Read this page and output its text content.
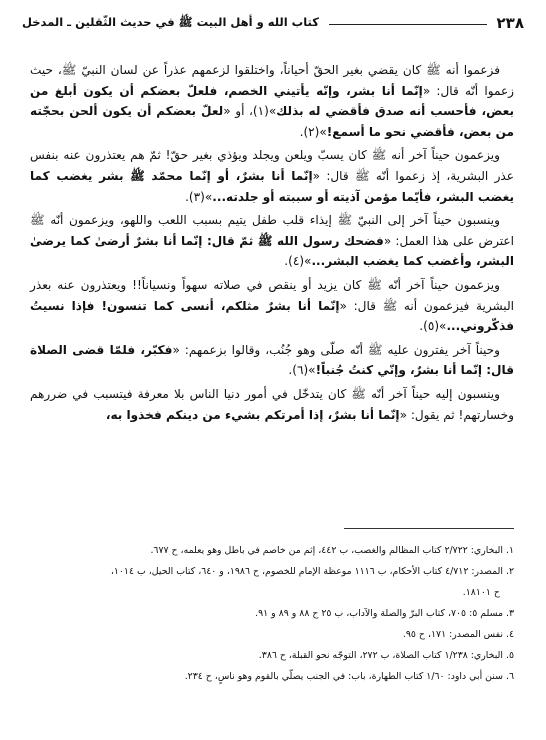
٢٣٨
كتاب الله و أهل البيت ﷺ في حديث الثّقلين ـ المدخل

فزعموا أنه ﷺ كان يقضي بغير الحقّ أحياناً، واختلقوا لزعمهم عذراً عن لسان النبيّ ﷺ، حيث زعموا أنّه قال: «إنّما أنا بشر، وإنّه يأتيني الخصم، فلعلّ بعضكم أن يكون أبلغ من بعض، فأحسب أنه صدق فأقضي له بذلك»(١)، أو «لعلّ بعضكم أن يكون ألحن بحجّته من بعض، فأقضي نحو ما أسمع!»(٢).

ويزعمون حيناً آخر أنه ﷺ كان يسبّ ويلعن ويجلد ويؤذي بغير حقّ! ثمّ هم يعتذرون عنه بنفس عذر البشرية، إذ زعموا أنّه ﷺ قال: «إنّما أنا بشرٌ، أو إنّما محمّد ﷺ بشر يغضب كما يغضب البشر، فأيّما مؤمن آذيته أو سببته أو جلدته...»(٣).

وينسبون حيناً آخر إلى النبيّ ﷺ إيذاء قلب طفل يتيم بسبب اللعب واللهو، ويزعمون أنّه ﷺ اعترض على هذا العمل: «فضحك رسول الله ﷺ ثمّ قال: إنّما أنا بشرٌ أرضىٰ كما يرضىٰ البشر، وأغضب كما يغضب البشر...»(٤).

ويزعمون حيناً آخر أنّه ﷺ كان يزيد أو ينقص في صلاته سهواً ونسياناً!! ويعتذرون عنه بعذر البشرية فيزعمون أنه ﷺ قال: «إنّما أنا بشرٌ مثلكم، أنسى كما تنسون! فإذا نسيتُ فذكّروني...»(٥).

وحيناً آخر يفترون عليه ﷺ أنّه صلّى وهو جُنُب، وقالوا بزعمهم: «فكبّر، فلمّا قضى الصلاة قال: إنّما أنا بشرٌ، وإنّي كنتُ جُنباً!»(٦).

وينسبون إليه حيناً آخر أنّه ﷺ كان يتدخّل في أمور دنيا الناس بلا معرفة فيتسبب في ضررهم وخسارتهم! ثم يقول: «إنّما أنا بشرٌ، إذا أمرتكم بشيء من دينكم فخذوا به،

١. البخاري: ٢/٧٢٢ كتاب المظالم والغصب، ب ٤٤٢، إثم من خاصم في باطل وهو يعلمه، ح ٦٧٧.
٢. المصدر: ٤/٧١٢ كتاب الأحكام، ب ١١١٦ موعظة الإمام للخصوم، ح ١٩٨٦، و ٦٤٠، كتاب الحيل، ب ١٠١٤،
ح ١٨١٠١.
٣. مسلم ٥: ٧٠٥، كتاب البرّ والصلة والآداب، ب ٢٥ ح ٨٨ و ٨٩ و ٩١.
٤. نفس المصدر: ١٧١، ح ٩٥.
٥. البخاري: ١/٢٣٨ كتاب الصلاة، ب ٢٧٢، التوجّه نحو القبلة، ح ٣٨٦.
٦. سنن أبي داود: ١/٦٠ كتاب الطهارة، باب: في الجنب يصلّي بالقوم وهو ناسٍ، ح ٢٣٤.
